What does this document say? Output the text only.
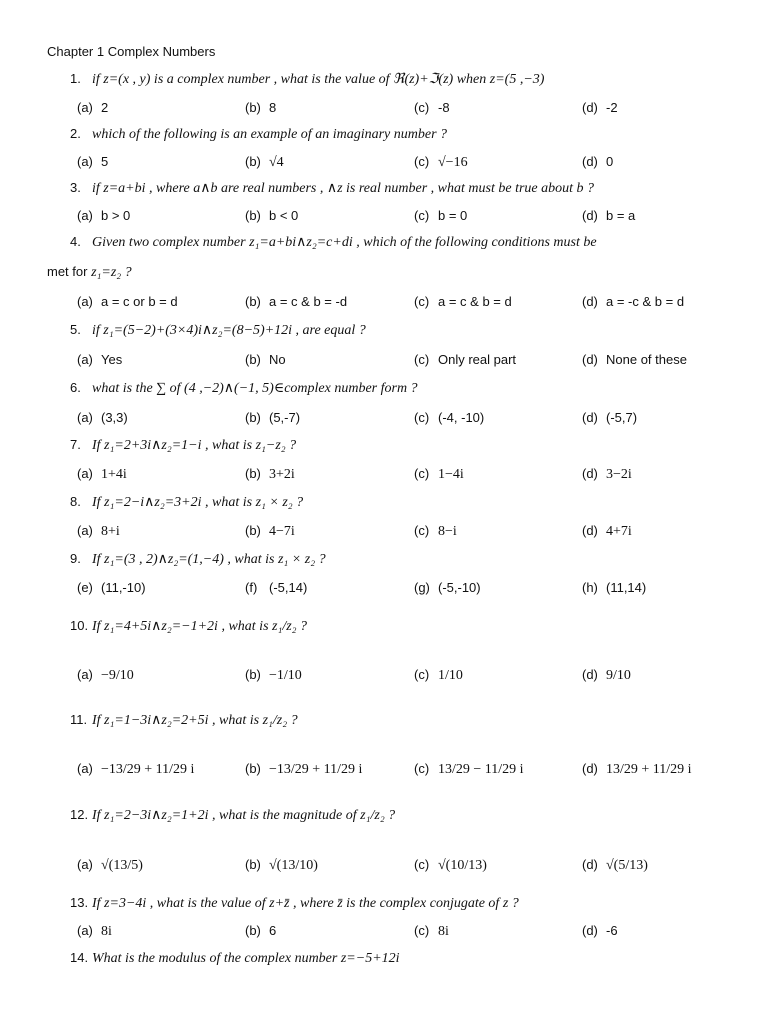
Chapter 1 Complex Numbers
1. if z=(x , y) is a complex number , what is the value of ℜ(z)+ℑ(z) when z=(5 ,−3)
(a) 2	(b) 8	(c) -8	(d) -2
2. which of the following is an example of an imaginary number ?
(a) 5	(b) √4	(c) √−16	(d) 0
3. if z=a+bi , where a∧b are real numbers , ∧z is real number , what must be true about b ?
(a) b > 0	(b) b < 0	(c) b = 0	(d) b = a
4. Given two complex number z₁=a+bi∧z₂=c+di , which of the following conditions must be
met for z₁=z₂ ?
(a) a = c or b = d	(b) a = c & b = -d	(c) a = c & b = d	(d) a = -c & b = d
5. if z₁=(5−2)+(3×4)i∧z₂=(8−5)+12i , are equal ?
(a) Yes	(b) No	(c) Only real part	(d) None of these
6. what is the ∑ of (4 ,−2)∧(−1, 5)∈complex number form ?
(a) (3,3)	(b) (5,-7)	(c) (-4, -10)	(d) (-5,7)
7. If z₁=2+3i∧z₂=1−i , what is z₁−z₂ ?
(a) 1+4i	(b) 3+2i	(c) 1−4i	(d) 3−2i
8. If z₁=2−i∧z₂=3+2i , what is z₁ × z₂ ?
(a) 8+i	(b) 4−7i	(c) 8−i	(d) 4+7i
9. If z₁=(3 , 2)∧z₂=(1,−4) , what is z₁ × z₂ ?
(e) (11,-10)	(f) (-5,14)	(g) (-5,-10)	(h) (11,14)
10. If z₁=4+5i∧z₂=−1+2i , what is z₁/z₂ ?
(a) −9/10	(b) −1/10	(c) 1/10	(d) 9/10
11. If z₁=1−3i∧z₂=2+5i , what is z₁/z₂ ?
(a) −13/29 + 11/29 i	(b) −13/29 + 11/29 i	(c) 13/29 − 11/29 i	(d) 13/29 + 11/29 i
12. If z₁=2−3i∧z₂=1+2i , what is the magnitude of z₁/z₂ ?
(a) √(13/5)	(b) √(13/10)	(c) √(10/13)	(d) √(5/13)
13. If z=3−4i , what is the value of z+z̄ , where z̄ is the complex conjugate of z ?
(a) 8i	(b) 6	(c) 8i	(d) -6
14. What is the modulus of the complex number z=−5+12i
